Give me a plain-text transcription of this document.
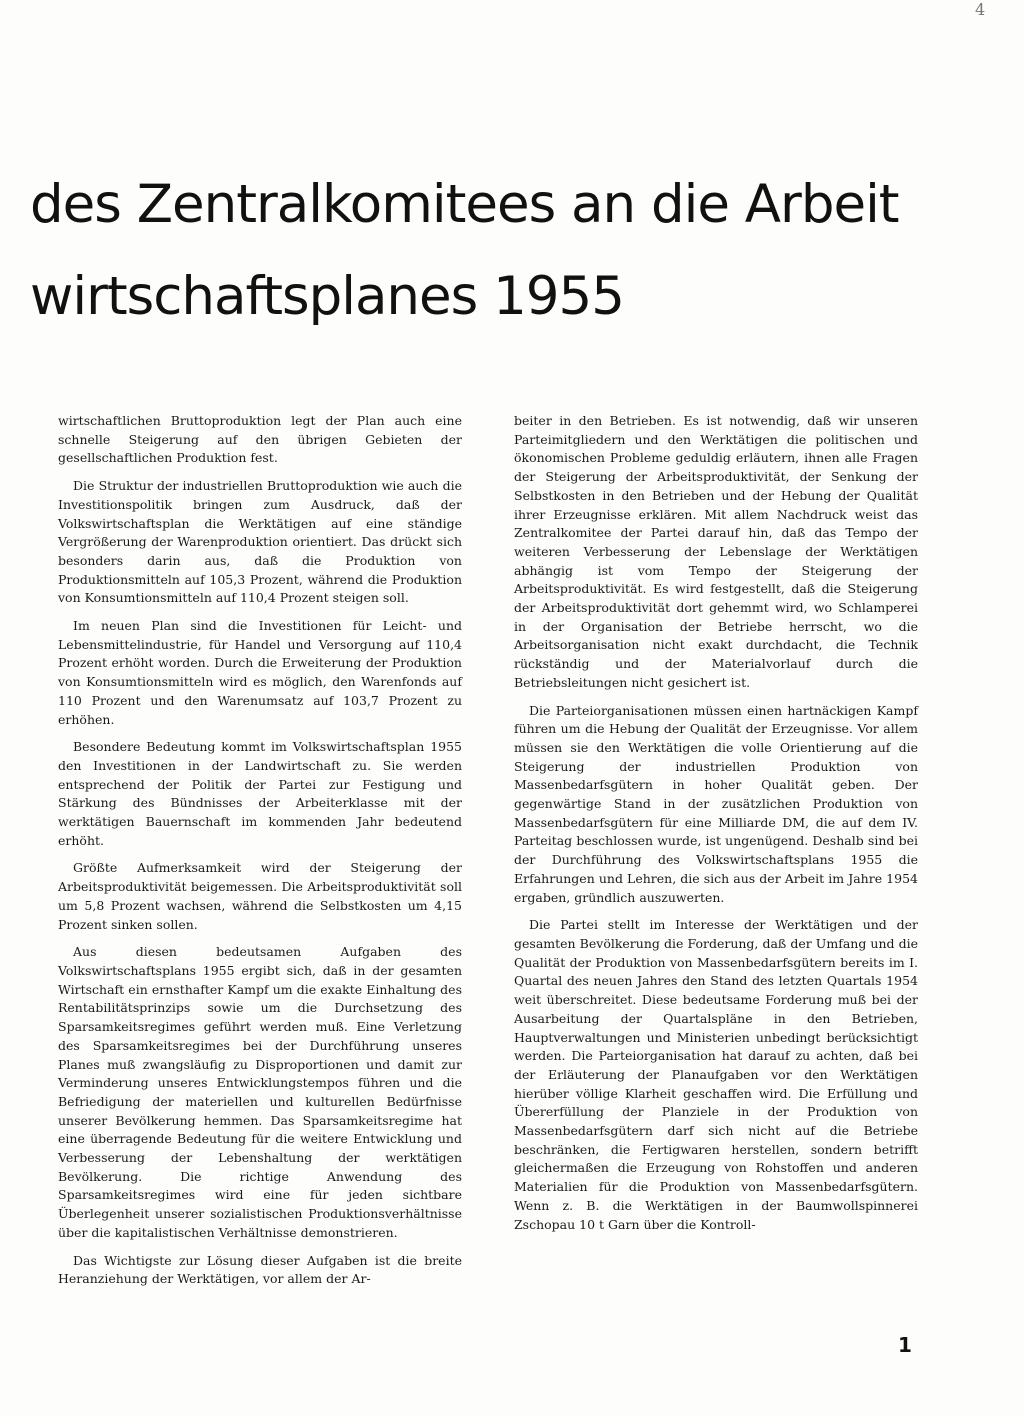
4

des Zentralkomitees an die Arbeit
wirtschaftsplanes 1955

wirtschaftlichen Bruttoproduktion legt der Plan auch eine schnelle Steigerung auf den übrigen Gebieten der gesellschaftlichen Produktion fest.

Die Struktur der industriellen Bruttoproduktion wie auch die Investitionspolitik bringen zum Ausdruck, daß der Volkswirtschaftsplan die Werktätigen auf eine ständige Vergrößerung der Warenproduktion orientiert. Das drückt sich besonders darin aus, daß die Produktion von Produktionsmitteln auf 105,3 Prozent, während die Produktion von Konsumtionsmitteln auf 110,4 Prozent steigen soll.

Im neuen Plan sind die Investitionen für Leicht- und Lebensmittelindustrie, für Handel und Versorgung auf 110,4 Prozent erhöht worden. Durch die Erweiterung der Produktion von Konsumtionsmitteln wird es möglich, den Warenfonds auf 110 Prozent und den Warenumsatz auf 103,7 Prozent zu erhöhen.

Besondere Bedeutung kommt im Volkswirtschaftsplan 1955 den Investitionen in der Landwirtschaft zu. Sie werden entsprechend der Politik der Partei zur Festigung und Stärkung des Bündnisses der Arbeiterklasse mit der werktätigen Bauernschaft im kommenden Jahr bedeutend erhöht.

Größte Aufmerksamkeit wird der Steigerung der Arbeitsproduktivität beigemessen. Die Arbeitsproduktivität soll um 5,8 Prozent wachsen, während die Selbstkosten um 4,15 Prozent sinken sollen.

Aus diesen bedeutsamen Aufgaben des Volkswirtschaftsplans 1955 ergibt sich, daß in der gesamten Wirtschaft ein ernsthafter Kampf um die exakte Einhaltung des Rentabilitätsprinzips sowie um die Durchsetzung des Sparsamkeitsregimes geführt werden muß. Eine Verletzung des Sparsamkeitsregimes bei der Durchführung unseres Planes muß zwangsläufig zu Disproportionen und damit zur Verminderung unseres Entwicklungstempos führen und die Befriedigung der materiellen und kulturellen Bedürfnisse unserer Bevölkerung hemmen. Das Sparsamkeitsregime hat eine überragende Bedeutung für die weitere Entwicklung und Verbesserung der Lebenshaltung der werktätigen Bevölkerung. Die richtige Anwendung des Sparsamkeitsregimes wird eine für jeden sichtbare Überlegenheit unserer sozialistischen Produktionsverhältnisse über die kapitalistischen Verhältnisse demonstrieren.

Das Wichtigste zur Lösung dieser Aufgaben ist die breite Heranziehung der Werktätigen, vor allem der Ar-

beiter in den Betrieben. Es ist notwendig, daß wir unseren Parteimitgliedern und den Werktätigen die politischen und ökonomischen Probleme geduldig erläutern, ihnen alle Fragen der Steigerung der Arbeitsproduktivität, der Senkung der Selbstkosten in den Betrieben und der Hebung der Qualität ihrer Erzeugnisse erklären. Mit allem Nachdruck weist das Zentralkomitee der Partei darauf hin, daß das Tempo der weiteren Verbesserung der Lebenslage der Werktätigen abhängig ist vom Tempo der Steigerung der Arbeitsproduktivität. Es wird festgestellt, daß die Steigerung der Arbeitsproduktivität dort gehemmt wird, wo Schlamperei in der Organisation der Betriebe herrscht, wo die Arbeitsorganisation nicht exakt durchdacht, die Technik rückständig und der Materialvorlauf durch die Betriebsleitungen nicht gesichert ist.

Die Parteiorganisationen müssen einen hartnäckigen Kampf führen um die Hebung der Qualität der Erzeugnisse. Vor allem müssen sie den Werktätigen die volle Orientierung auf die Steigerung der industriellen Produktion von Massenbedarfsgütern in hoher Qualität geben. Der gegenwärtige Stand in der zusätzlichen Produktion von Massenbedarfsgütern für eine Milliarde DM, die auf dem IV. Parteitag beschlossen wurde, ist ungenügend. Deshalb sind bei der Durchführung des Volkswirtschaftsplans 1955 die Erfahrungen und Lehren, die sich aus der Arbeit im Jahre 1954 ergaben, gründlich auszuwerten.

Die Partei stellt im Interesse der Werktätigen und der gesamten Bevölkerung die Forderung, daß der Umfang und die Qualität der Produktion von Massenbedarfsgütern bereits im I. Quartal des neuen Jahres den Stand des letzten Quartals 1954 weit überschreitet. Diese bedeutsame Forderung muß bei der Ausarbeitung der Quartalspläne in den Betrieben, Hauptverwaltungen und Ministerien unbedingt berücksichtigt werden. Die Parteiorganisation hat darauf zu achten, daß bei der Erläuterung der Planaufgaben vor den Werktätigen hierüber völlige Klarheit geschaffen wird. Die Erfüllung und Übererfüllung der Planziele in der Produktion von Massenbedarfsgütern darf sich nicht auf die Betriebe beschränken, die Fertigwaren herstellen, sondern betrifft gleichermaßen die Erzeugung von Rohstoffen und anderen Materialien für die Produktion von Massenbedarfsgütern. Wenn z. B. die Werktätigen in der Baumwollspinnerei Zschopau 10 t Garn über die Kontroll-

1
